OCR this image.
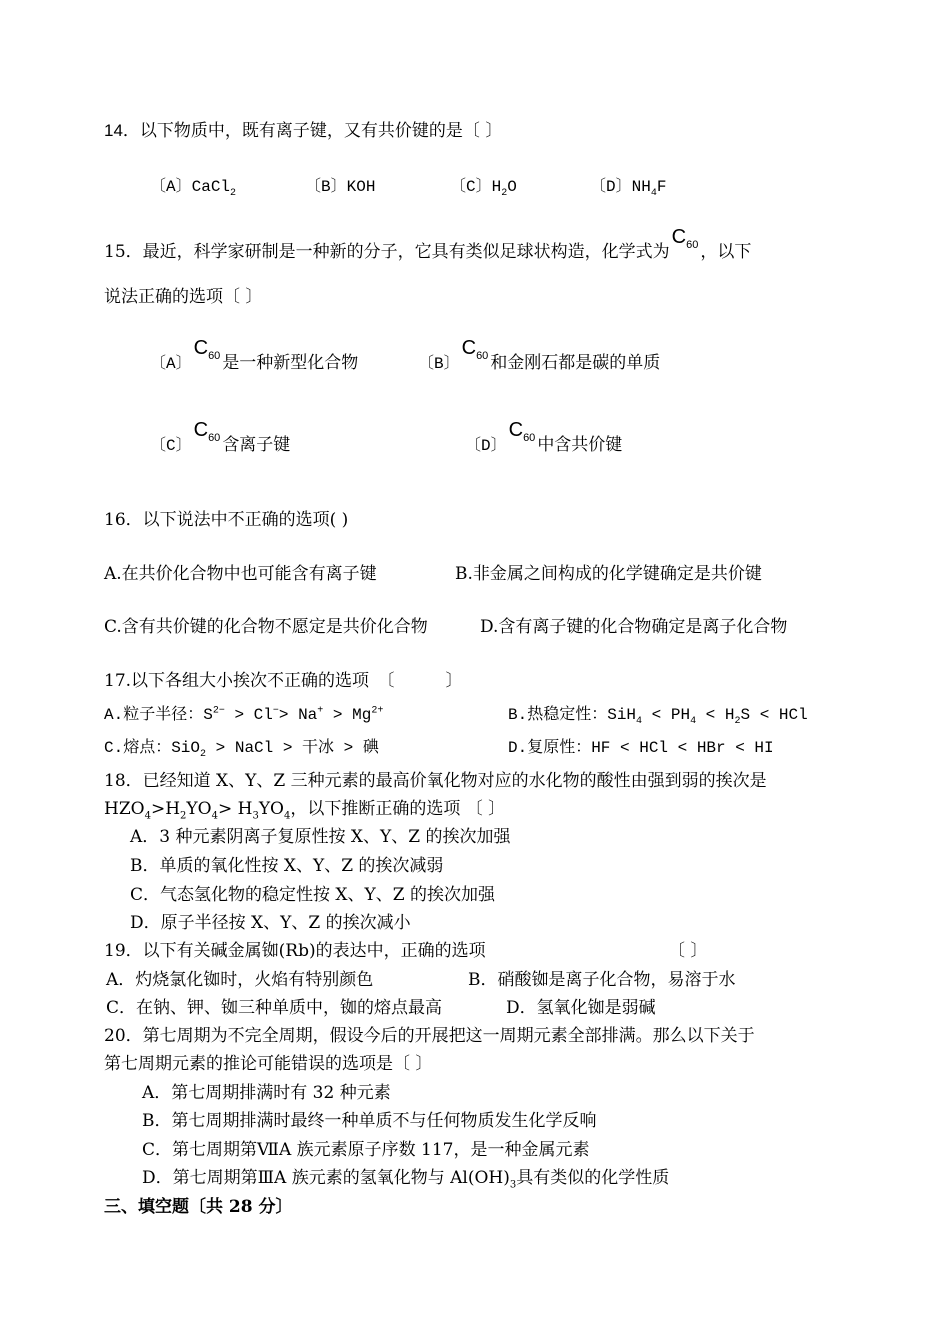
14．以下物质中，既有离子键，又有共价键的是〔 〕
〔A〕CaCl$_2$	〔B〕KOH	〔C〕$H_2O$	〔D〕$NH_4F$
15．最近，科学家研制是一种新的分子，它具有类似足球状构造，化学式为$C_{60}$ ，以下
说法正确的选项〔 〕
〔A〕$C_{60}$ 是一种新型化合物	〔B〕$C_{60}$ 和金刚石都是碳的单质
〔C〕$C_{60}$ 含离子键	〔D〕$C_{60}$ 中含共价键
16．以下说法中不正确的选项( )
A.在共价化合物中也可能含有离子键	B.非金属之间构成的化学键确定是共价键
C.含有共价键的化合物不愿定是共价化合物	D.含有离子键的化合物确定是离子化合物
17.以下各组大小挨次不正确的选项　〔　　　〕
A.粒子半径：$S^{2-} > Cl^-> Na^+ > Mg^{2+}$	B.热稳定性：$SiH_4 < PH_4 < H_2S$ < HCl
C.熔点：SiO$_2$ > NaCl > 干冰 > 碘	D.复原性：HF < HCl < HBr < HI
18．已经知道 X、Y、Z 三种元素的最高价氧化物对应的水化物的酸性由强到弱的挨次是
$HZO_4>H_2YO_4> H_3YO_4$，以下推断正确的选项 〔 〕
A．3 种元素阴离子复原性按 X、Y、Z 的挨次加强
B．单质的氧化性按 X、Y、Z 的挨次减弱
C．气态氢化物的稳定性按 X、Y、Z 的挨次加强
D．原子半径按 X、Y、Z 的挨次减小
19．以下有关碱金属铷(Rb)的表达中，正确的选项	〔 〕
A．灼烧氯化铷时，火焰有特别颜色	B．硝酸铷是离子化合物，易溶于水
C．在钠、钾、铷三种单质中，铷的熔点最高	D．氢氧化铷是弱碱
20．第七周期为不完全周期，假设今后的开展把这一周期元素全部排满。那么以下关于
第七周期元素的推论可能错误的选项是〔 〕
A．第七周期排满时有 32 种元素
B．第七周期排满时最终一种单质不与任何物质发生化学反响
C．第七周期第ⅦA 族元素原子序数 117，是一种金属元素
D．第七周期第ⅢA 族元素的氢氧化物与 $Al(OH)_3$具有类似的化学性质
三、填空题〔共 28 分〕
